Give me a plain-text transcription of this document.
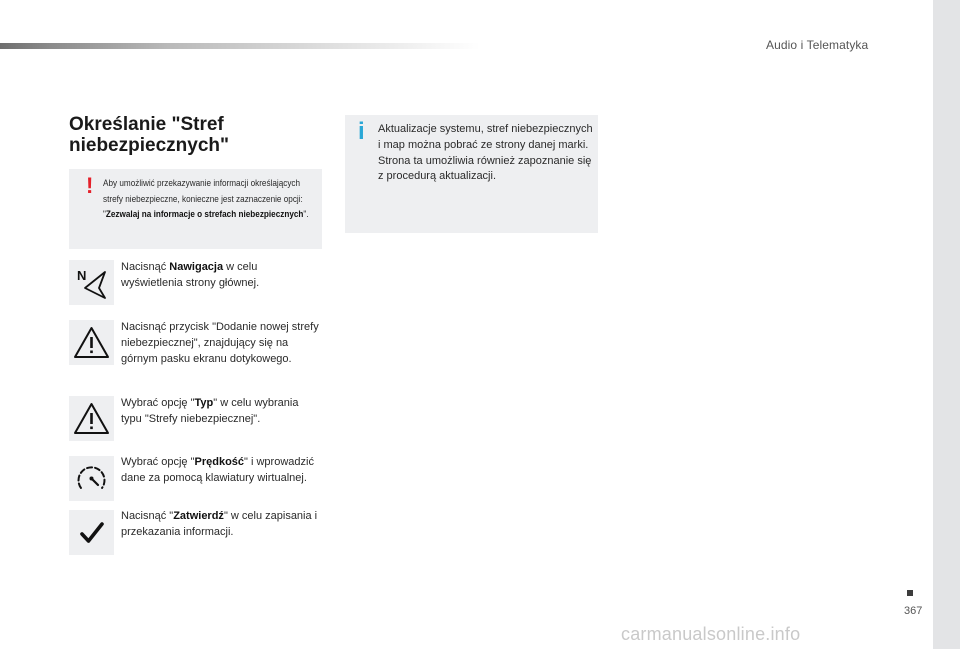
Audio i Telematyka
Określanie "Stref niebezpiecznych"
! Aby umożliwić przekazywanie informacji określających strefy niebezpieczne, konieczne jest zaznaczenie opcji: "Zezwalaj na informacje o strefach niebezpiecznych".
i Aktualizacje systemu, stref niebezpiecznych i map można pobrać ze strony danej marki.
Strona ta umożliwia również zapoznanie się z procedurą aktualizacji.
N
Nacisnąć Nawigacja w celu wyświetlenia strony głównej.
Nacisnąć przycisk "Dodanie nowej strefy niebezpiecznej", znajdujący się na górnym pasku ekranu dotykowego.
Wybrać opcję "Typ" w celu wybrania typu "Strefy niebezpiecznej".
Wybrać opcję "Prędkość" i wprowadzić dane za pomocą klawiatury wirtualnej.
Nacisnąć "Zatwierdź" w celu zapisania i przekazania informacji.
367
carmanualsonline.info
